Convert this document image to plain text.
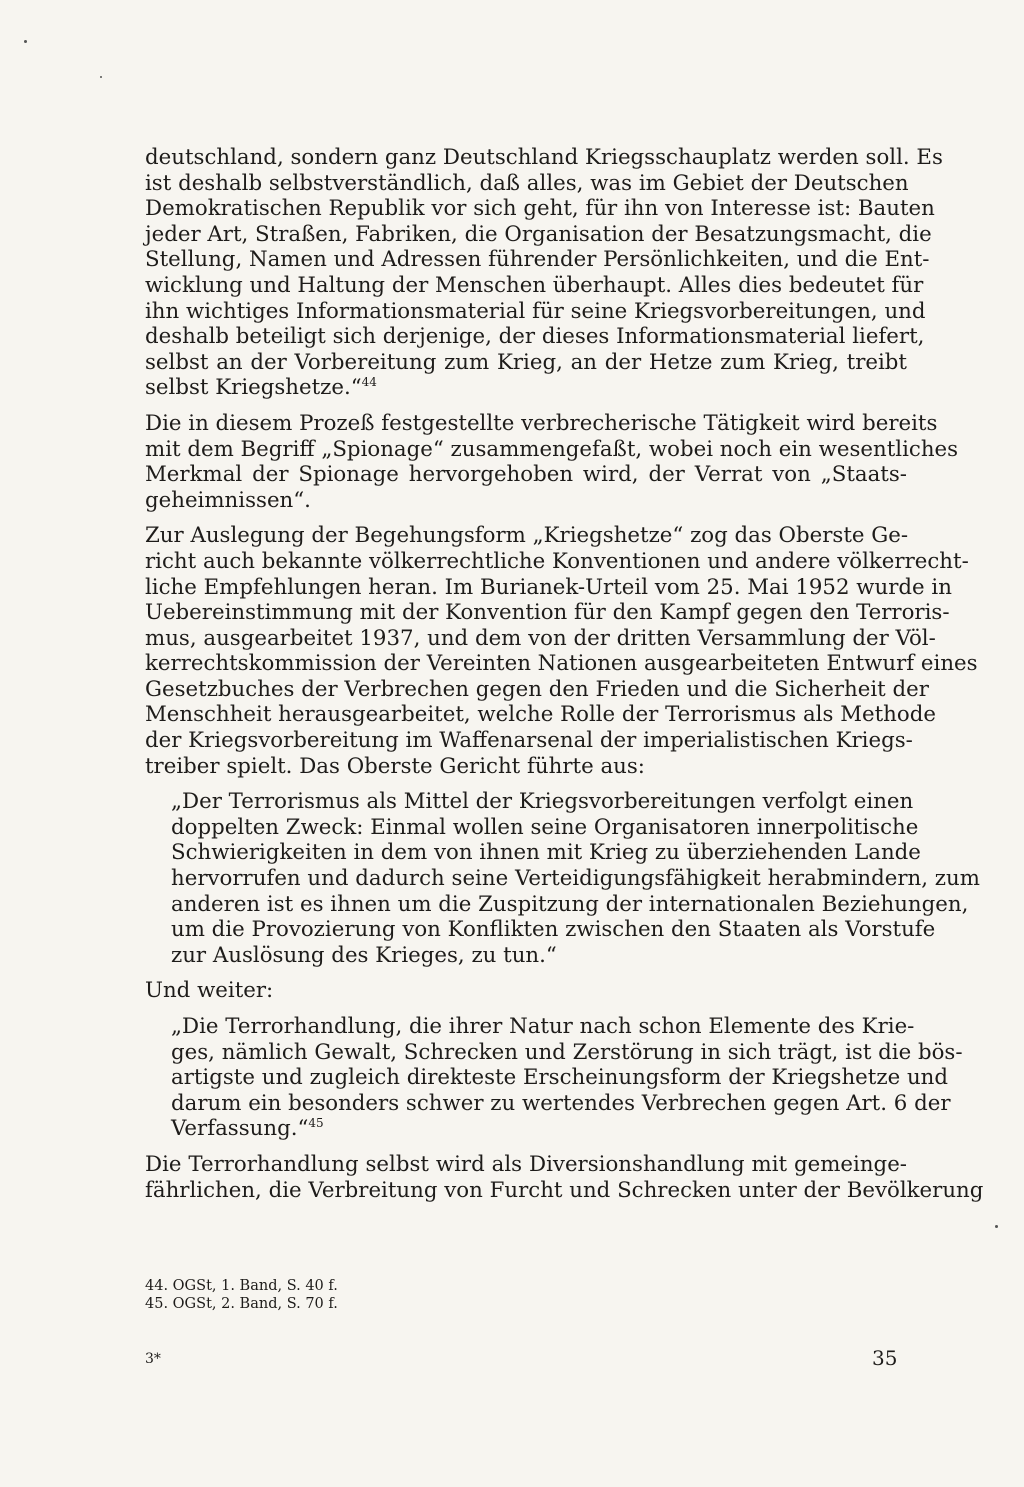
deutschland, sondern ganz Deutschland Kriegsschauplatz werden soll. Es
ist deshalb selbstverständlich, daß alles, was im Gebiet der Deutschen
Demokratischen Republik vor sich geht, für ihn von Interesse ist: Bauten
jeder Art, Straßen, Fabriken, die Organisation der Besatzungsmacht, die
Stellung, Namen und Adressen führender Persönlichkeiten, und die Ent-
wicklung und Haltung der Menschen überhaupt. Alles dies bedeutet für
ihn wichtiges Informationsmaterial für seine Kriegsvorbereitungen, und
deshalb beteiligt sich derjenige, der dieses Informationsmaterial liefert,
selbst an der Vorbereitung zum Krieg, an der Hetze zum Krieg, treibt
selbst Kriegshetze.“$^{44}$
Die in diesem Prozeß festgestellte verbrecherische Tätigkeit wird bereits
mit dem Begriff „Spionage“ zusammengefaßt, wobei noch ein wesentliches
Merkmal der Spionage hervorgehoben wird, der Verrat von „Staats-
geheimnissen“.
Zur Auslegung der Begehungsform „Kriegshetze“ zog das Oberste Ge-
richt auch bekannte völkerrechtliche Konventionen und andere völkerrecht-
liche Empfehlungen heran. Im Burianek-Urteil vom 25. Mai 1952 wurde in
Uebereinstimmung mit der Konvention für den Kampf gegen den Terroris-
mus, ausgearbeitet 1937, und dem von der dritten Versammlung der Völ-
kerrechtskommission der Vereinten Nationen ausgearbeiteten Entwurf eines
Gesetzbuches der Verbrechen gegen den Frieden und die Sicherheit der
Menschheit herausgearbeitet, welche Rolle der Terrorismus als Methode
der Kriegsvorbereitung im Waffenarsenal der imperialistischen Kriegs-
treiber spielt. Das Oberste Gericht führte aus:
„Der Terrorismus als Mittel der Kriegsvorbereitungen verfolgt einen
doppelten Zweck: Einmal wollen seine Organisatoren innerpolitische
Schwierigkeiten in dem von ihnen mit Krieg zu überziehenden Lande
hervorrufen und dadurch seine Verteidigungsfähigkeit herabmindern, zum
anderen ist es ihnen um die Zuspitzung der internationalen Beziehungen,
um die Provozierung von Konflikten zwischen den Staaten als Vorstufe
zur Auslösung des Krieges, zu tun.“
Und weiter:
„Die Terrorhandlung, die ihrer Natur nach schon Elemente des Krie-
ges, nämlich Gewalt, Schrecken und Zerstörung in sich trägt, ist die bös-
artigste und zugleich direkteste Erscheinungsform der Kriegshetze und
darum ein besonders schwer zu wertendes Verbrechen gegen Art. 6 der
Verfassung.“$^{45}$
Die Terrorhandlung selbst wird als Diversionshandlung mit gemeinge-
fährlichen, die Verbreitung von Furcht und Schrecken unter der Bevölkerung
44. OGSt, 1. Band, S. 40 f.
45. OGSt, 2. Band, S. 70 f.
3*	35
